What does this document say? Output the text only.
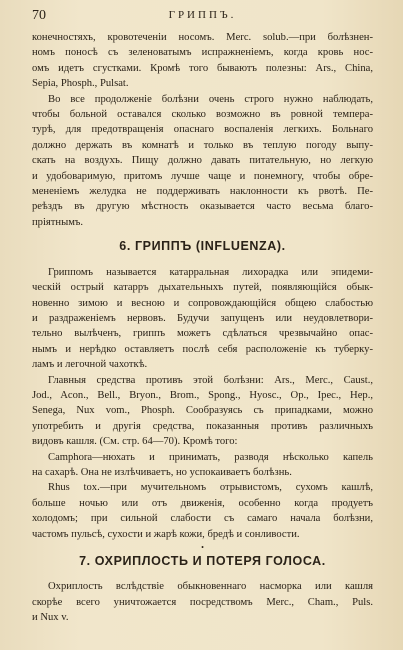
70	ГРИППЪ.
конечностяхъ, кровотеченiи носомъ. Merc. solub.—при болѣзнен-
номъ поносѣ съ зеленоватымъ испражненiемъ, когда кровь нос-
омъ идетъ сгустками. Кромѣ того бываютъ полезны: Ars., China,
Sepia, Phosph., Pulsat.
Во все продолженiе болѣзни очень строго нужно наблюдать,
чтобы больной оставался сколько возможно въ ровной темпера-
турѣ, для предотвращенiя опаснаго воспаленiя легкихъ. Больнаго
должно держать въ комнатѣ и только въ теплую погоду выпу-
скать на воздухъ. Пищу должно давать питательную, но легкую
и удобоваримую, притомъ лучше чаще и понемногу, чтобы обре-
мененiемъ желудка не поддерживать наклонности къ рвотѣ. Пе-
реѣздъ въ другую мѣстность оказывается часто весьма благо-
прiятнымъ.
6. ГРИППЪ (INFLUENZA).
Гриппомъ называется катарральная лихорадка или эпидеми-
ческiй острый катарръ дыхательныхъ путей, появляющiйся обык-
новенно зимою и весною и сопровождающiйся общею слабостью
и раздраженiемъ нервовъ. Будучи запущенъ или неудовлетвори-
тельно вылѣченъ, гриппъ можетъ сдѣлаться чрезвычайно опас-
нымъ и нерѣдко оставляетъ послѣ себя расположенiе къ туберку-
ламъ и легочной чахоткѣ.
Главныя средства противъ этой болѣзни: Ars., Merc., Caust.,
Jod., Acon., Bell., Bryon., Brom., Spong., Hyosc., Op., Ipec., Hep.,
Senega, Nux vom., Phosph. Сообразуясь съ припадками, можно
употребить и другiя средства, показанныя противъ различныхъ
видовъ кашля. (См. стр. 64—70). Кромѣ того:
Camphora—нюхать и принимать, разводя нѣсколько капель
на сахарѣ. Она не излѣчиваетъ, но успокаиваетъ болѣзнь.
Rhus tox.—при мучительномъ отрывистомъ, сухомъ кашлѣ,
больше ночью или отъ движенiя, особенно когда продуетъ
холодомъ; при сильной слабости съ самаго начала болѣзни,
частомъ пульсѣ, сухости и жарѣ кожи, бредѣ и сонливости.
•
7. ОХРИПЛОСТЬ И ПОТЕРЯ ГОЛОСА.
Охриплость вслѣдствiе обыкновеннаго насморка или кашля
скорѣе всего уничтожается посредствомъ Merc., Cham., Puls.
и Nux v.
